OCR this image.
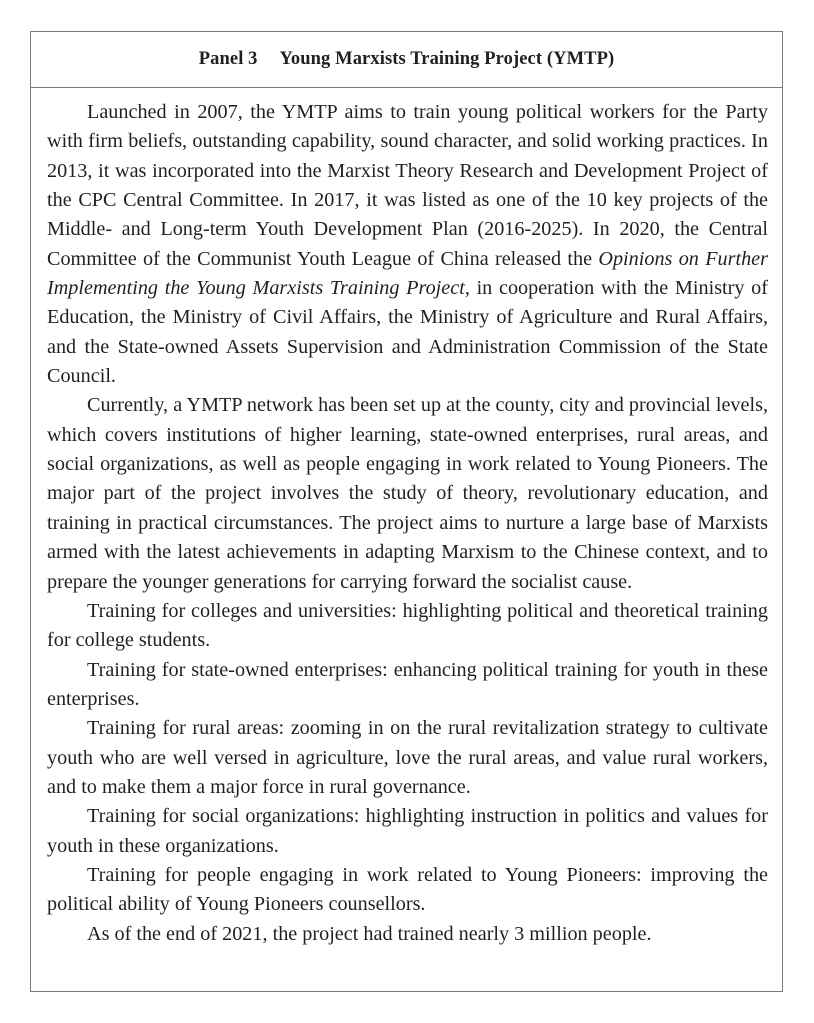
Panel 3 Young Marxists Training Project (YMTP)

Launched in 2007, the YMTP aims to train young political workers for the Party with firm beliefs, outstanding capability, sound character, and solid working practices. In 2013, it was incorporated into the Marxist Theory Research and Development Project of the CPC Central Committee. In 2017, it was listed as one of the 10 key projects of the Middle- and Long-term Youth Development Plan (2016-​2025). In 2020, the Central Committee of the Communist Youth League of China released the Opinions on Further Implementing the Young Marxists Training Project, in cooperation with the Ministry of Education, the Ministry of Civil Affairs, the Ministry of Agriculture and Rural Affairs, and the State-owned Assets Supervision and Administration Commission of the State Council.

Currently, a YMTP network has been set up at the county, city and provincial levels, which covers institutions of higher learning, state-owned enterprises, rural areas, and social organizations, as well as people engaging in work related to Young Pioneers. The major part of the project involves the study of theory, revolutionary education, and training in practical circumstances. The project aims to nurture a large base of Marxists armed with the latest achievements in adapting Marxism to the Chinese context, and to prepare the younger generations for carrying forward the socialist cause.

Training for colleges and universities: highlighting political and theoretical training for college students.

Training for state-owned enterprises: enhancing political training for youth in these enterprises.

Training for rural areas: zooming in on the rural revitalization strategy to cultivate youth who are well versed in agriculture, love the rural areas, and value rural workers, and to make them a major force in rural governance.

Training for social organizations: highlighting instruction in politics and values for youth in these organizations.

Training for people engaging in work related to Young Pioneers: improving the political ability of Young Pioneers counsellors.

As of the end of 2021, the project had trained nearly 3 million people.
